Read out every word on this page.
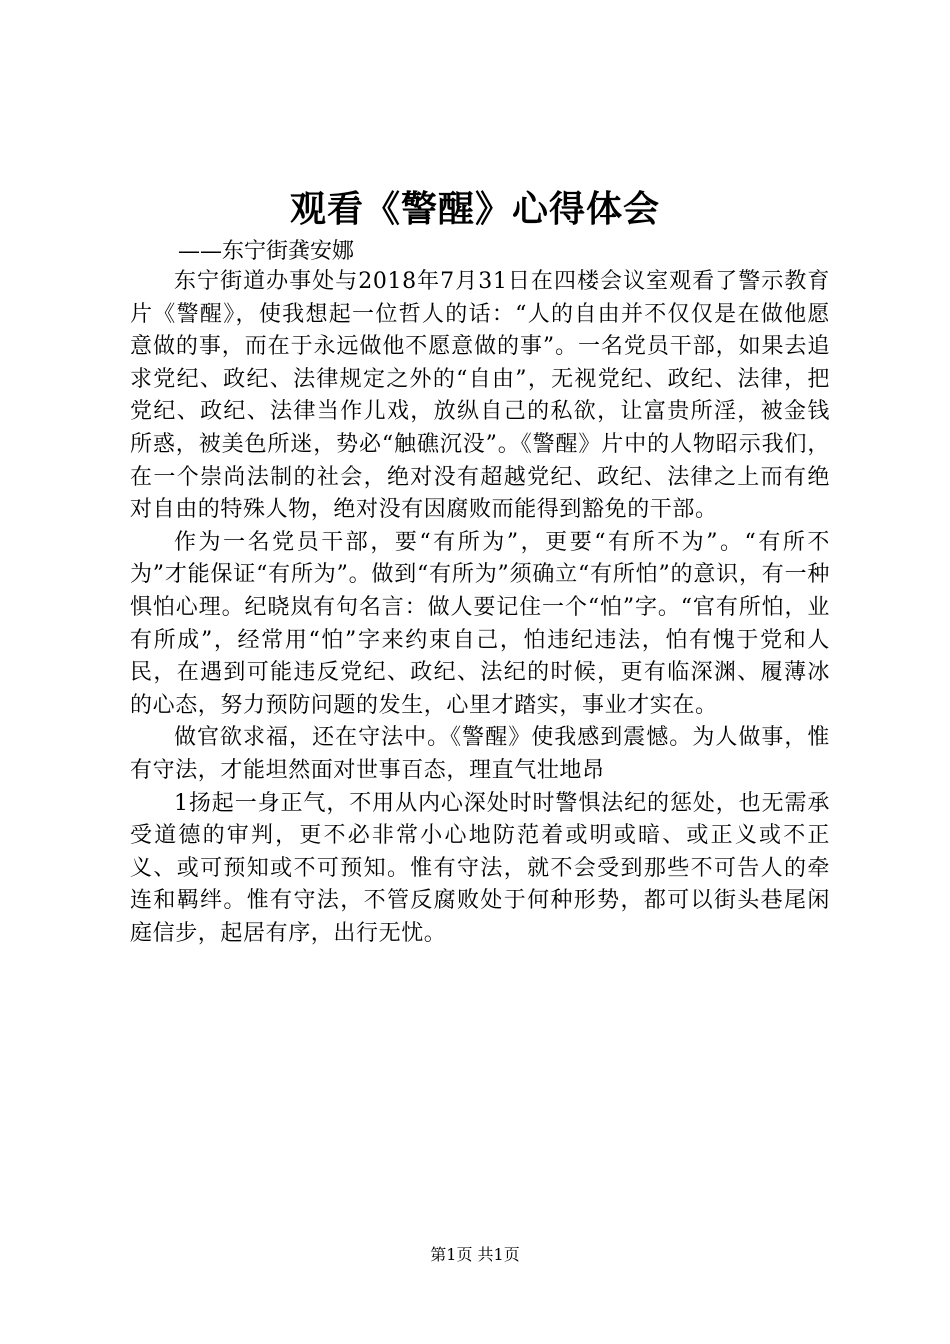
观看《警醒》心得体会
——东宁街龚安娜

东宁街道办事处与2018年7月31日在四楼会议室观看了警示教育片《警醒》，使我想起一位哲人的话：“人的自由并不仅仅是在做他愿意做的事，而在于永远做他不愿意做的事”。一名党员干部，如果去追求党纪、政纪、法律规定之外的“自由”，无视党纪、政纪、法律，把党纪、政纪、法律当作儿戏，放纵自己的私欲，让富贵所淫，被金钱所惑，被美色所迷，势必“触礁沉没”。《警醒》片中的人物昭示我们，在一个崇尚法制的社会，绝对没有超越党纪、政纪、法律之上而有绝对自由的特殊人物，绝对没有因腐败而能得到豁免的干部。

作为一名党员干部，要“有所为”，更要“有所不为”。“有所不为”才能保证“有所为”。做到“有所为”须确立“有所怕”的意识，有一种惧怕心理。纪晓岚有句名言：做人要记住一个“怕”字。“官有所怕，业有所成”，经常用“怕”字来约束自己，怕违纪违法，怕有愧于党和人民，在遇到可能违反党纪、政纪、法纪的时候，更有临深渊、履薄冰的心态，努力预防问题的发生，心里才踏实，事业才实在。

做官欲求福，还在守法中。《警醒》使我感到震憾。为人做事，惟有守法，才能坦然面对世事百态，理直气壮地昂

1扬起一身正气，不用从内心深处时时警惧法纪的惩处，也无需承受道德的审判，更不必非常小心地防范着或明或暗、或正义或不正义、或可预知或不可预知。惟有守法，就不会受到那些不可告人的牵连和羁绊。惟有守法，不管反腐败处于何种形势，都可以街头巷尾闲庭信步，起居有序，出行无忧。

第1页 共1页
